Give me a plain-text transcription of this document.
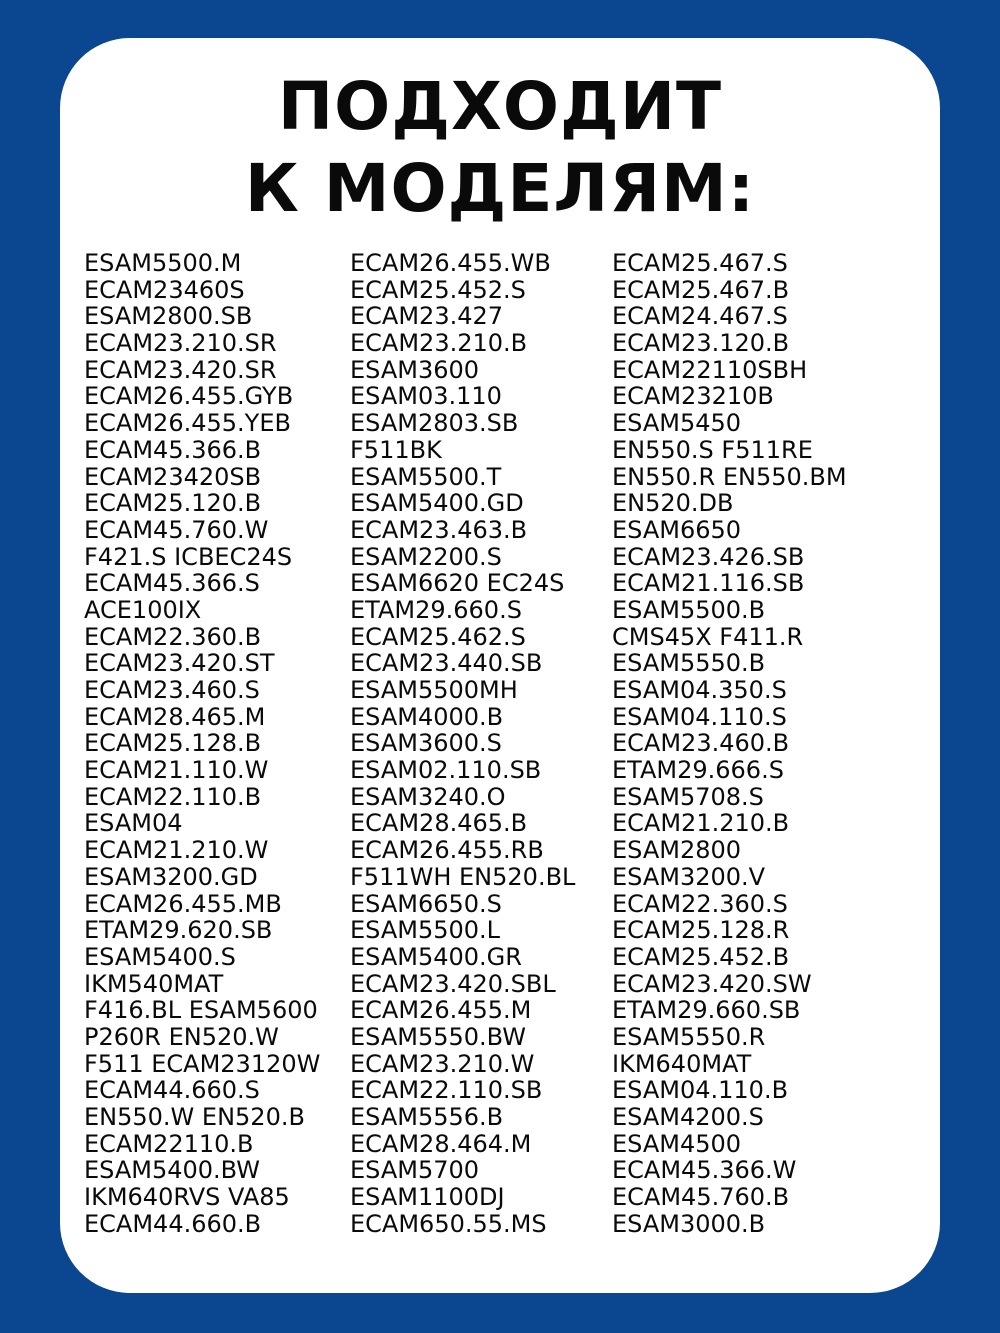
ПОДХОДИТ
К МОДЕЛЯМ:
ESAM5500.M
ECAM23460S
ESAM2800.SB
ECAM23.210.SR
ECAM23.420.SR
ECAM26.455.GYB
ECAM26.455.YEB
ECAM45.366.B
ECAM23420SB
ECAM25.120.B
ECAM45.760.W
F421.S ICBEC24S
ECAM45.366.S
ACE100IX
ECAM22.360.B
ECAM23.420.ST
ECAM23.460.S
ECAM28.465.M
ECAM25.128.B
ECAM21.110.W
ECAM22.110.B
ESAM04
ECAM21.210.W
ESAM3200.GD
ECAM26.455.MB
ETAM29.620.SB
ESAM5400.S
IKM540MAT
F416.BL ESAM5600
P260R EN520.W
F511 ECAM23120W
ECAM44.660.S
EN550.W EN520.B
ECAM22110.B
ESAM5400.BW
IKM640RVS VA85
ECAM44.660.B
ECAM26.455.WB
ECAM25.452.S
ECAM23.427
ECAM23.210.B
ESAM3600
ESAM03.110
ESAM2803.SB
F511BK
ESAM5500.T
ESAM5400.GD
ECAM23.463.B
ESAM2200.S
ESAM6620 EC24S
ETAM29.660.S
ECAM25.462.S
ECAM23.440.SB
ESAM5500MH
ESAM4000.B
ESAM3600.S
ESAM02.110.SB
ESAM3240.O
ECAM28.465.B
ECAM26.455.RB
F511WH EN520.BL
ESAM6650.S
ESAM5500.L
ESAM5400.GR
ECAM23.420.SBL
ECAM26.455.M
ESAM5550.BW
ECAM23.210.W
ECAM22.110.SB
ESAM5556.B
ECAM28.464.M
ESAM5700
ESAM1100DJ
ECAM650.55.MS
ECAM25.467.S
ECAM25.467.B
ECAM24.467.S
ECAM23.120.B
ECAM22110SBH
ECAM23210B
ESAM5450
EN550.S F511RE
EN550.R EN550.BM
EN520.DB
ESAM6650
ECAM23.426.SB
ECAM21.116.SB
ESAM5500.B
CMS45X F411.R
ESAM5550.B
ESAM04.350.S
ESAM04.110.S
ECAM23.460.B
ETAM29.666.S
ESAM5708.S
ECAM21.210.B
ESAM2800
ESAM3200.V
ECAM22.360.S
ECAM25.128.R
ECAM25.452.B
ECAM23.420.SW
ETAM29.660.SB
ESAM5550.R
IKM640MAT
ESAM04.110.B
ESAM4200.S
ESAM4500
ECAM45.366.W
ECAM45.760.B
ESAM3000.B
